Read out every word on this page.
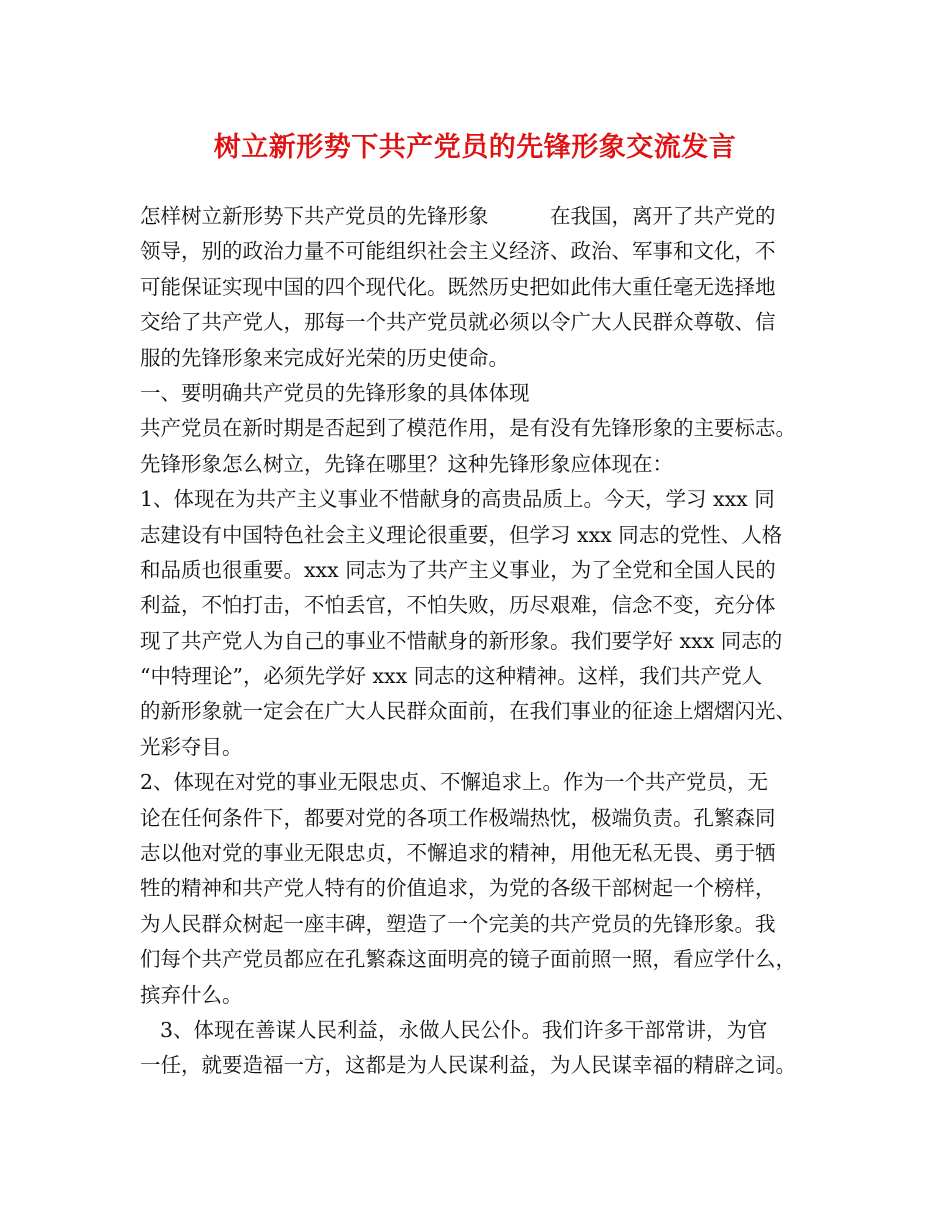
树立新形势下共产党员的先锋形象交流发言
怎样树立新形势下共产党员的先锋形象　　　在我国，离开了共产党的
领导，别的政治力量不可能组织社会主义经济、政治、军事和文化，不
可能保证实现中国的四个现代化。既然历史把如此伟大重任毫无选择地
交给了共产党人，那每一个共产党员就必须以令广大人民群众尊敬、信
服的先锋形象来完成好光荣的历史使命。
一、要明确共产党员的先锋形象的具体体现
共产党员在新时期是否起到了模范作用，是有没有先锋形象的主要标志。
先锋形象怎么树立，先锋在哪里？这种先锋形象应体现在：
1、体现在为共产主义事业不惜献身的高贵品质上。今天，学习 xxx 同
志建设有中国特色社会主义理论很重要，但学习 xxx 同志的党性、人格
和品质也很重要。xxx 同志为了共产主义事业，为了全党和全国人民的
利益，不怕打击，不怕丢官，不怕失败，历尽艰难，信念不变，充分体
现了共产党人为自己的事业不惜献身的新形象。我们要学好 xxx 同志的
“中特理论”，必须先学好 xxx 同志的这种精神。这样，我们共产党人
的新形象就一定会在广大人民群众面前，在我们事业的征途上熠熠闪光、
光彩夺目。
2、体现在对党的事业无限忠贞、不懈追求上。作为一个共产党员，无
论在任何条件下，都要对党的各项工作极端热忱，极端负责。孔繁森同
志以他对党的事业无限忠贞，不懈追求的精神，用他无私无畏、勇于牺
牲的精神和共产党人特有的价值追求，为党的各级干部树起一个榜样，
为人民群众树起一座丰碑，塑造了一个完美的共产党员的先锋形象。我
们每个共产党员都应在孔繁森这面明亮的镜子面前照一照，看应学什么，
摈弃什么。
3、体现在善谋人民利益，永做人民公仆。我们许多干部常讲，为官
一任，就要造福一方，这都是为人民谋利益，为人民谋幸福的精辟之词。
